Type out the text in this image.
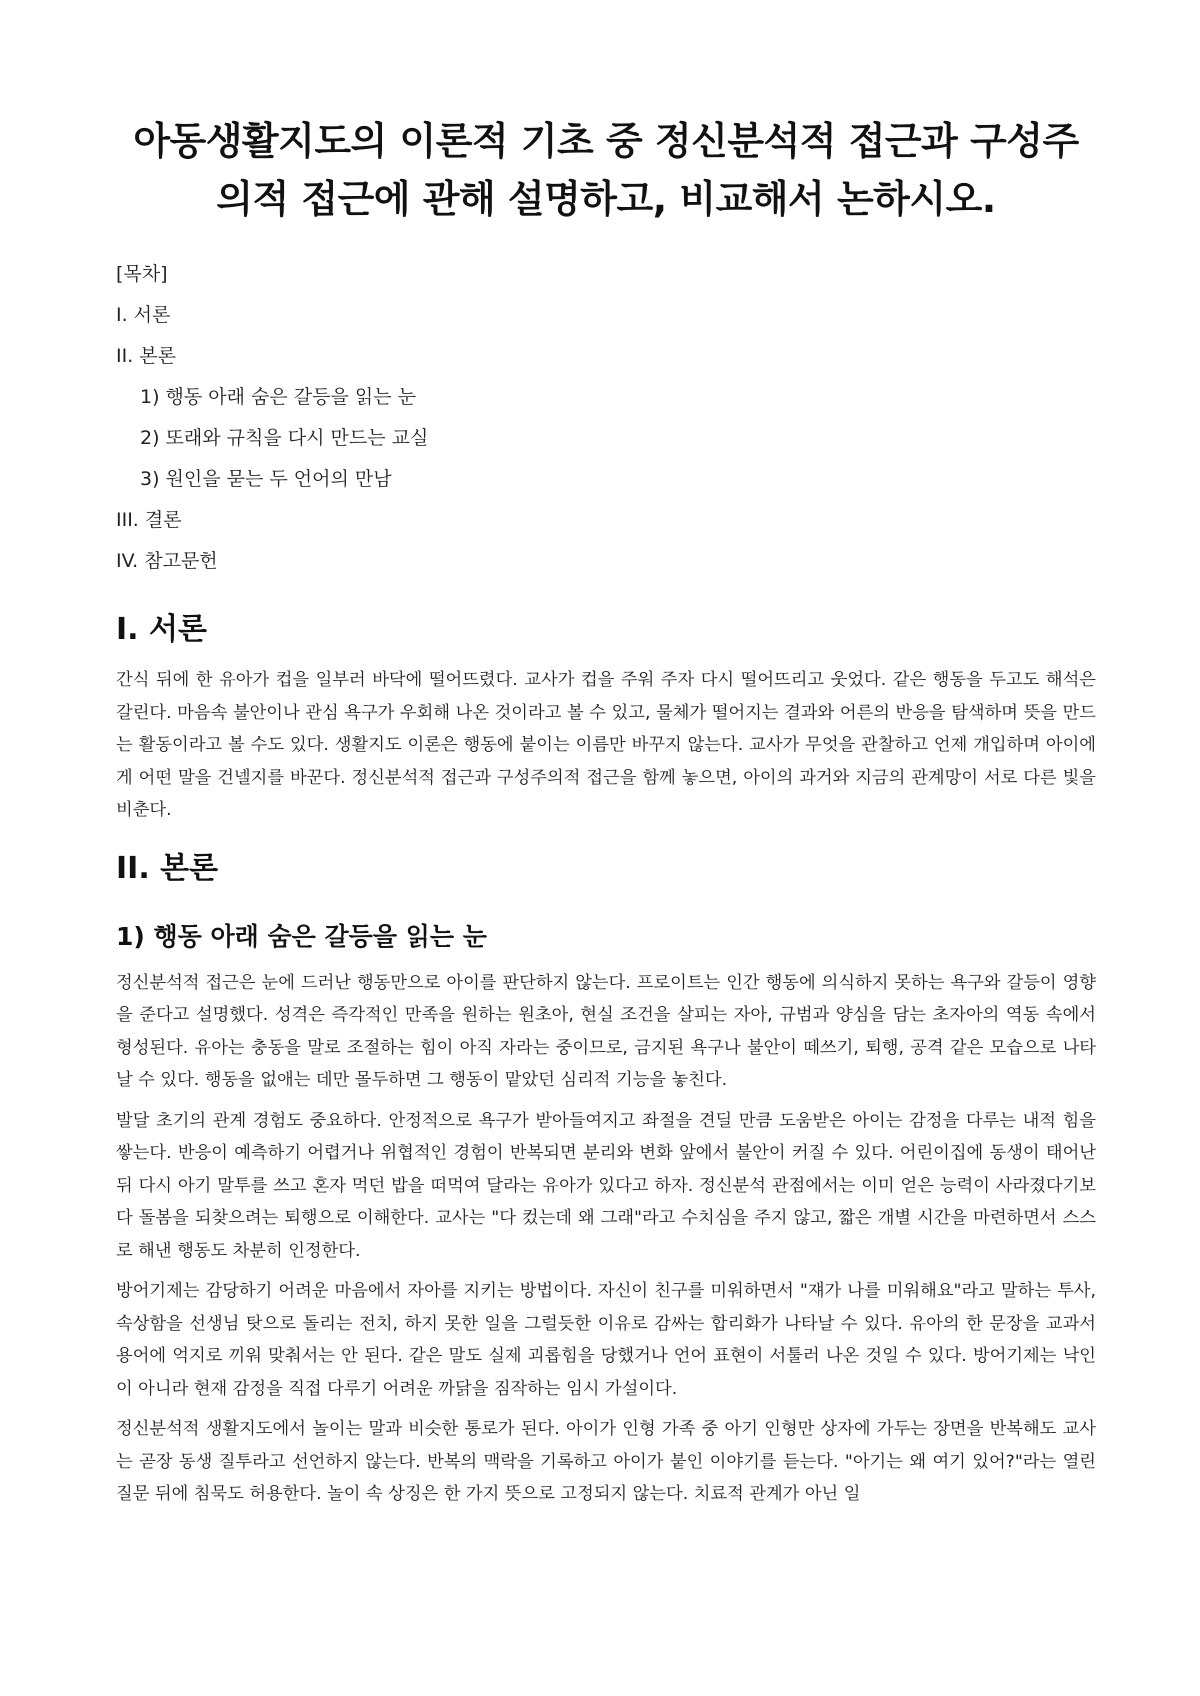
아동생활지도의 이론적 기초 중 정신분석적 접근과 구성주의적 접근에 관해 설명하고, 비교해서 논하시오.
[목차]
I. 서론
II. 본론
1) 행동 아래 숨은 갈등을 읽는 눈
2) 또래와 규칙을 다시 만드는 교실
3) 원인을 묻는 두 언어의 만남
III. 결론
IV. 참고문헌
I. 서론

간식 뒤에 한 유아가 컵을 일부러 바닥에 떨어뜨렸다. 교사가 컵을 주워 주자 다시 떨어뜨리고 웃었다. 같은 행동을 두고도 해석은 갈린다. 마음속 불안이나 관심 욕구가 우회해 나온 것이라고 볼 수 있고, 물체가 떨어지는 결과와 어른의 반응을 탐색하며 뜻을 만드는 활동이라고 볼 수도 있다. 생활지도 이론은 행동에 붙이는 이름만 바꾸지 않는다. 교사가 무엇을 관찰하고 언제 개입하며 아이에게 어떤 말을 건넬지를 바꾼다. 정신분석적 접근과 구성주의적 접근을 함께 놓으면, 아이의 과거와 지금의 관계망이 서로 다른 빛을 비춘다.

II. 본론
1) 행동 아래 숨은 갈등을 읽는 눈

정신분석적 접근은 눈에 드러난 행동만으로 아이를 판단하지 않는다. 프로이트는 인간 행동에 의식하지 못하는 욕구와 갈등이 영향을 준다고 설명했다. 성격은 즉각적인 만족을 원하는 원초아, 현실 조건을 살피는 자아, 규범과 양심을 담는 초자아의 역동 속에서 형성된다. 유아는 충동을 말로 조절하는 힘이 아직 자라는 중이므로, 금지된 욕구나 불안이 떼쓰기, 퇴행, 공격 같은 모습으로 나타날 수 있다. 행동을 없애는 데만 몰두하면 그 행동이 맡았던 심리적 기능을 놓친다.

발달 초기의 관계 경험도 중요하다. 안정적으로 욕구가 받아들여지고 좌절을 견딜 만큼 도움받은 아이는 감정을 다루는 내적 힘을 쌓는다. 반응이 예측하기 어렵거나 위협적인 경험이 반복되면 분리와 변화 앞에서 불안이 커질 수 있다. 어린이집에 동생이 태어난 뒤 다시 아기 말투를 쓰고 혼자 먹던 밥을 떠먹여 달라는 유아가 있다고 하자. 정신분석 관점에서는 이미 얻은 능력이 사라졌다기보다 돌봄을 되찾으려는 퇴행으로 이해한다. 교사는 "다 컸는데 왜 그래"라고 수치심을 주지 않고, 짧은 개별 시간을 마련하면서 스스로 해낸 행동도 차분히 인정한다.

방어기제는 감당하기 어려운 마음에서 자아를 지키는 방법이다. 자신이 친구를 미워하면서 "쟤가 나를 미워해요"라고 말하는 투사, 속상함을 선생님 탓으로 돌리는 전치, 하지 못한 일을 그럴듯한 이유로 감싸는 합리화가 나타날 수 있다. 유아의 한 문장을 교과서 용어에 억지로 끼워 맞춰서는 안 된다. 같은 말도 실제 괴롭힘을 당했거나 언어 표현이 서툴러 나온 것일 수 있다. 방어기제는 낙인이 아니라 현재 감정을 직접 다루기 어려운 까닭을 짐작하는 임시 가설이다.

정신분석적 생활지도에서 놀이는 말과 비슷한 통로가 된다. 아이가 인형 가족 중 아기 인형만 상자에 가두는 장면을 반복해도 교사는 곧장 동생 질투라고 선언하지 않는다. 반복의 맥락을 기록하고 아이가 붙인 이야기를 듣는다. "아기는 왜 여기 있어?"라는 열린 질문 뒤에 침묵도 허용한다. 놀이 속 상징은 한 가지 뜻으로 고정되지 않는다. 치료적 관계가 아닌 일
